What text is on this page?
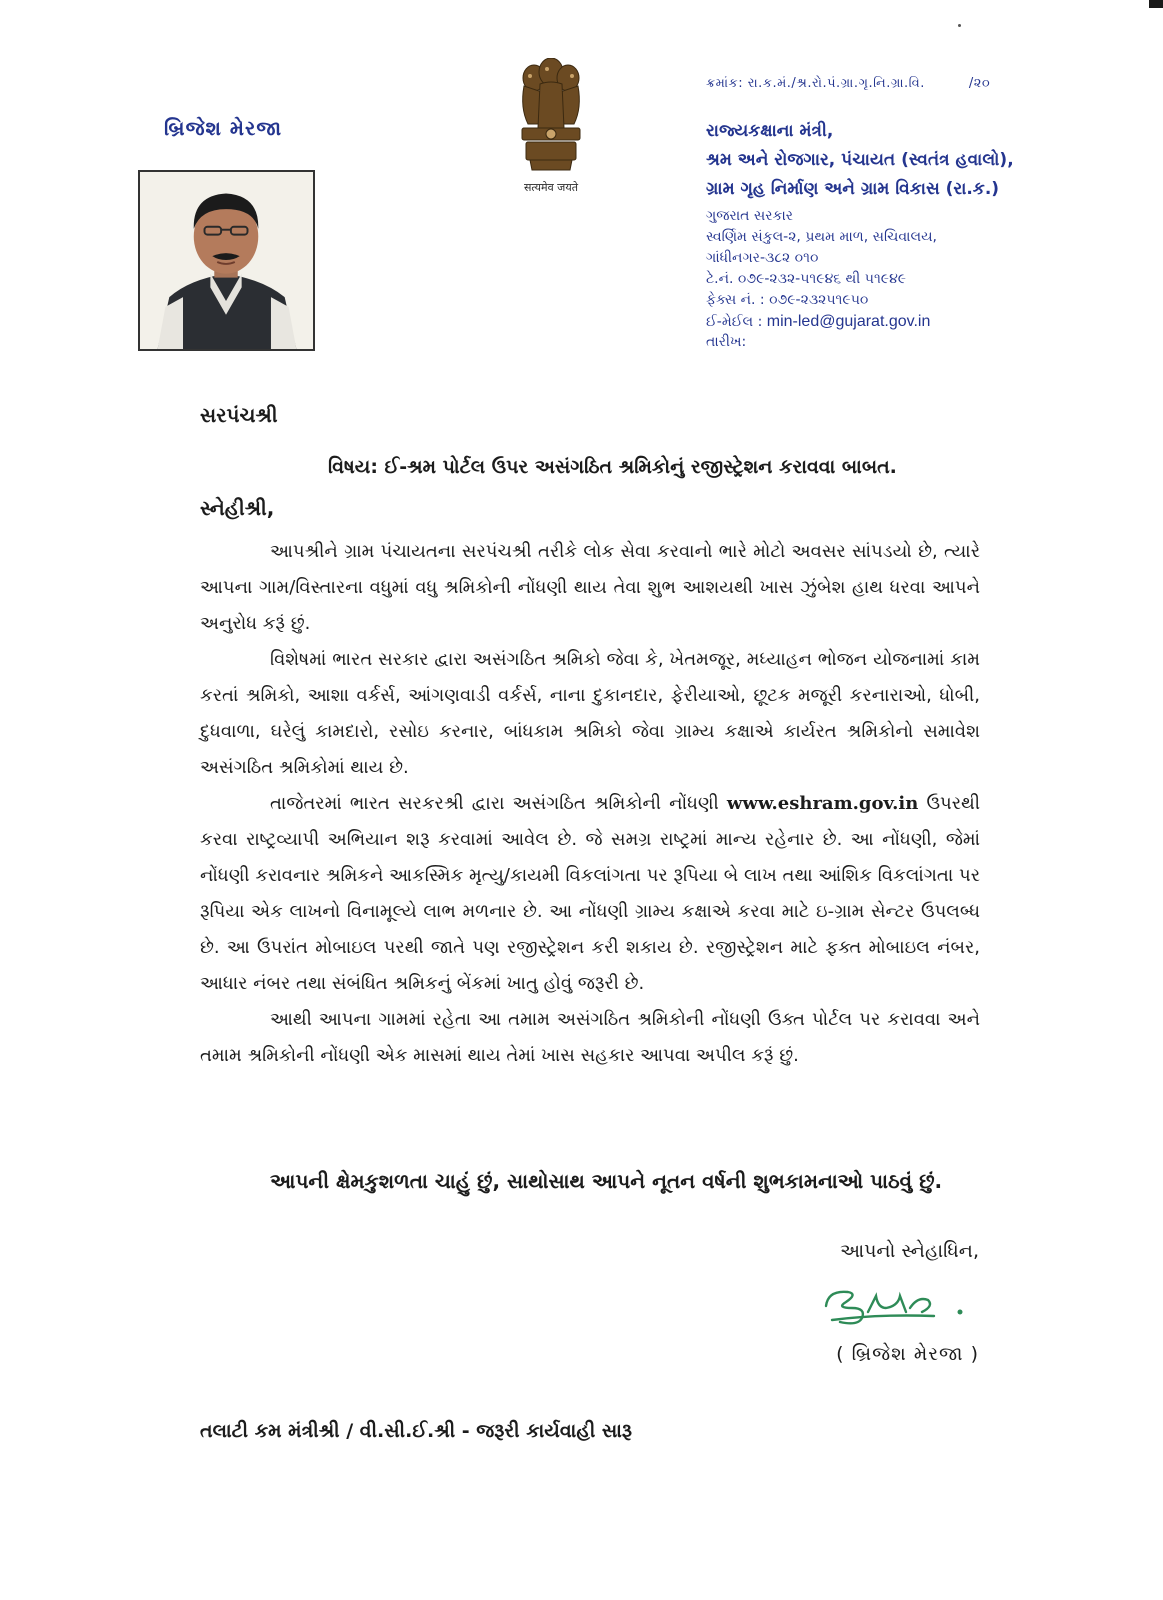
બ્રિજેશ મેરજા
सत्यमेव जयते
ક્રમાંક: રા.ક.મં./શ્ર.રો.પં.ગ્રા.ગૃ.નિ.ગ્રા.વિ.	/૨૦
રાજ્યકક્ષાના મંત્રી,
શ્રમ અને રોજગાર, પંચાયત (સ્વતંત્ર હવાલો),
ગ્રામ ગૃહ નિર્માણ અને ગ્રામ વિકાસ (રા.ક.)
ગુજરાત સરકાર
સ્વર્ણિમ સંકુલ-૨, પ્રથમ માળ, સચિવાલય,
ગાંધીનગર-૩૮૨ ૦૧૦
ટે.નં. ૦૭૯-૨૩૨-૫૧૯૪૬ થી ૫૧૯૪૯
ફેક્સ નં. : ૦૭૯-૨૩૨૫૧૯૫૦
ઈ-મેઈલ : min-led@gujarat.gov.in
તારીખ:
સરપંચશ્રી
વિષય: ઈ-શ્રમ પોર્ટલ ઉપર અસંગઠિત શ્રમિકોનું રજીસ્ટ્રેશન કરાવવા બાબત.
સ્નેહીશ્રી,

આપશ્રીને ગ્રામ પંચાયતના સરપંચશ્રી તરીકે લોક સેવા કરવાનો ભારે મોટો અવસર સાંપડયો છે, ત્યારે આપના ગામ/વિસ્તારના વધુમાં વધુ શ્રમિકોની નોંધણી થાય તેવા શુભ આશયથી ખાસ ઝુંબેશ હાથ ધરવા આપને અનુરોધ કરૂં છું.

વિશેષમાં ભારત સરકાર દ્વારા અસંગઠિત શ્રમિકો જેવા કે, ખેતમજૂર, મધ્યાહન ભોજન યોજનામાં કામ કરતાં શ્રમિકો, આશા વર્કર્સ, આંગણવાડી વર્કર્સ, નાના દુકાનદાર, ફેરીયાઓ, છૂટક મજૂરી કરનારાઓ, ધોબી, દુધવાળા, ઘરેલું કામદારો, રસોઇ કરનાર, બાંધકામ શ્રમિકો જેવા ગ્રામ્ય કક્ષાએ કાર્યરત શ્રમિકોનો સમાવેશ અસંગઠિત શ્રમિકોમાં થાય છે.

તાજેતરમાં ભારત સરકરશ્રી દ્વારા અસંગઠિત શ્રમિકોની નોંધણી www.eshram.gov.in ઉપરથી કરવા રાષ્ટ્રવ્યાપી અભિયાન શરૂ કરવામાં આવેલ છે. જે સમગ્ર રાષ્ટ્રમાં માન્ય રહેનાર છે. આ નોંધણી, જેમાં નોંધણી કરાવનાર શ્રમિકને આકસ્મિક મૃત્યુ/કાયમી વિકલાંગતા પર રૂપિયા બે લાખ તથા આંશિક વિકલાંગતા પર રૂપિયા એક લાખનો વિનામૂલ્યે લાભ મળનાર છે. આ નોંધણી ગ્રામ્ય કક્ષાએ કરવા માટે ઇ-ગ્રામ સેન્ટર ઉપલબ્ધ છે. આ ઉપરાંત મોબાઇલ પરથી જાતે પણ રજીસ્ટ્રેશન કરી શકાય છે. રજીસ્ટ્રેશન માટે ફક્ત મોબાઇલ નંબર, આધાર નંબર તથા સંબંધિત શ્રમિકનું બેંકમાં ખાતુ હોવું જરૂરી છે.

આથી આપના ગામમાં રહેતા આ તમામ અસંગઠિત શ્રમિકોની નોંધણી ઉક્ત પોર્ટલ પર કરાવવા અને તમામ શ્રમિકોની નોંધણી એક માસમાં થાય તેમાં ખાસ સહકાર આપવા અપીલ કરૂં છું.

આપની ક્ષેમકુશળતા ચાહું છું, સાથોસાથ આપને નૂતન વર્ષની શુભકામનાઓ પાઠવું છું.
આપનો સ્નેહાધિન,
( બ્રિજેશ મેરજા )
તલાટી કમ મંત્રીશ્રી / વી.સી.ઈ.શ્રી - જરૂરી કાર્યવાહી સારૂ
